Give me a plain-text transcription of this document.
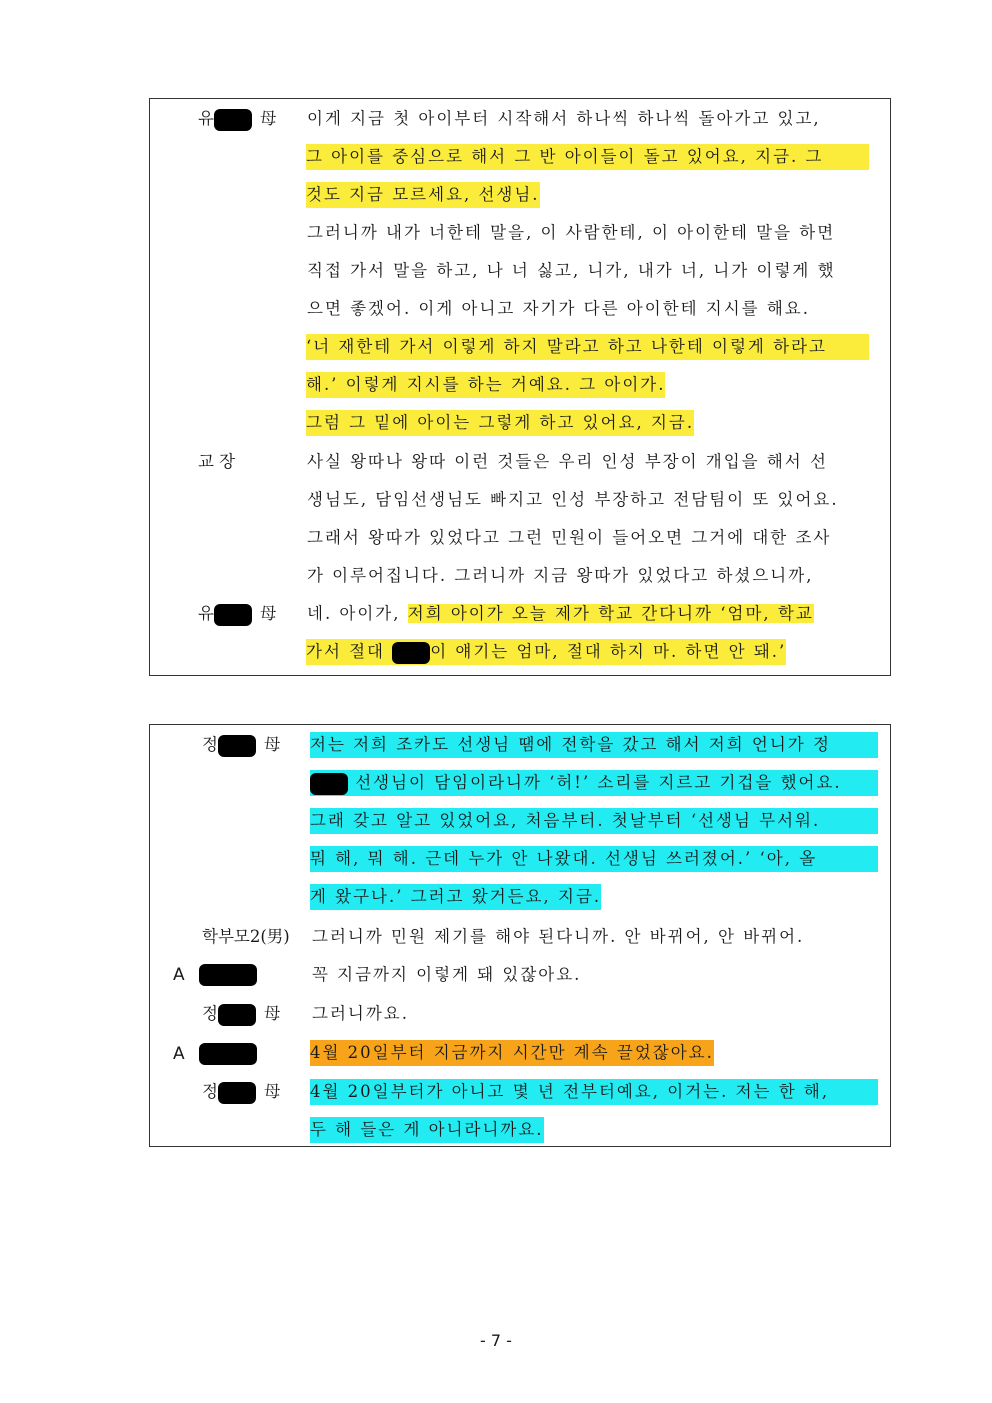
유	母 이게 지금 첫 아이부터 시작해서 하나씩 하나씩 돌아가고 있고,
그 아이를 중심으로 해서 그 반 아이들이 돌고 있어요, 지금. 그
것도 지금 모르세요, 선생님.
그러니까 내가 너한테 말을, 이 사람한테, 이 아이한테 말을 하면
직접 가서 말을 하고, 나 너 싫고, 니가, 내가 너, 니가 이렇게 했
으면 좋겠어. 이게 아니고 자기가 다른 아이한테 지시를 해요.
‘너 재한테 가서 이렇게 하지 말라고 하고 나한테 이렇게 하라고
해.’ 이렇게 지시를 하는 거예요. 그 아이가.
그럼 그 밑에 아이는 그렇게 하고 있어요, 지금.
교 장	사실 왕따나 왕따 이런 것들은 우리 인성 부장이 개입을 해서 선
생님도, 담임선생님도 빠지고 인성 부장하고 전담팀이 또 있어요.
그래서 왕따가 있었다고 그런 민원이 들어오면 그거에 대한 조사
가 이루어집니다. 그러니까 지금 왕따가 있었다고 하셨으니까,
유	母 네. 아이가, 저희 아이가 오늘 제가 학교 간다니까 ‘엄마, 학교
가서 절대 이 얘기는 엄마, 절대 하지 마. 하면 안 돼.’
정	母 저는 저희 조카도 선생님 땜에 전학을 갔고 해서 저희 언니가 정
선생님이 담임이라니까 ‘허!’ 소리를 지르고 기겁을 했어요.
그래 갖고 알고 있었어요, 처음부터. 첫날부터 ‘선생님 무서워.
뭐 해, 뭐 해. 근데 누가 안 나왔대. 선생님 쓰러졌어.’ ‘아, 올
게 왔구나.’ 그러고 왔거든요, 지금.
학부모2(男) 그러니까 민원 제기를 해야 된다니까. 안 바뀌어, 안 바뀌어.
A	꼭 지금까지 이렇게 돼 있잖아요.
정	母 그러니까요.
A	4월 20일부터 지금까지 시간만 계속 끌었잖아요.
정	母 4월 20일부터가 아니고 몇 년 전부터예요, 이거는. 저는 한 해,
두 해 들은 게 아니라니까요.
- 7 -
